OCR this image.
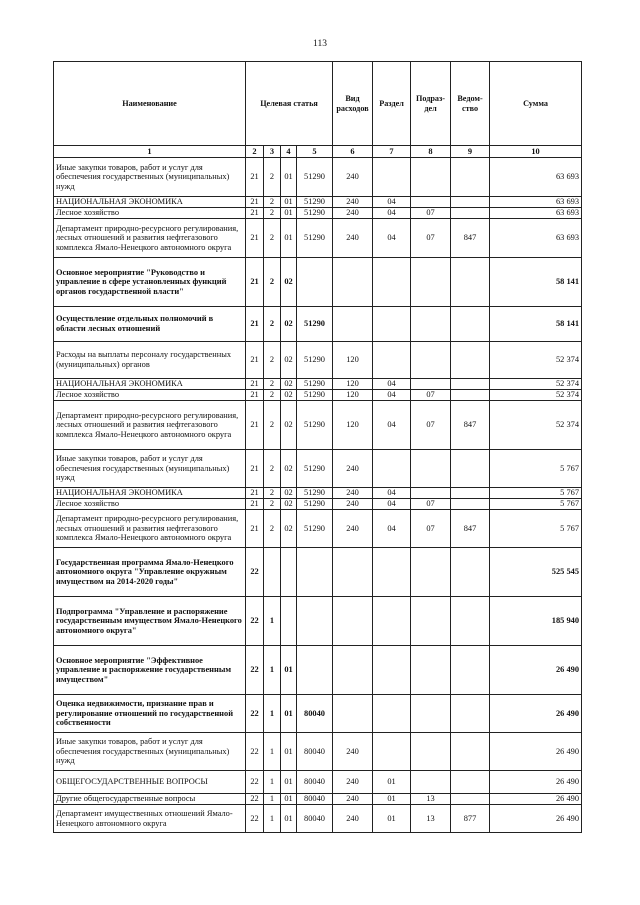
113
Наименование	Целевая статья				Вид расходов	Раздел	Подраз-дел	Ведом-ство	Сумма
1	2	3	4	5	6	7	8	9	10
Иные закупки товаров, работ и услуг для обеспечения государственных (муниципальных) нужд	21	2	01	51290	240				63 693
НАЦИОНАЛЬНАЯ ЭКОНОМИКА	21	2	01	51290	240	04			63 693
Лесное хозяйство	21	2	01	51290	240	04	07		63 693
Департамент природно-ресурсного регулирования, лесных отношений и развития нефтегазового комплекса Ямало-Ненецкого автономного округа	21	2	01	51290	240	04	07	847	63 693
Основное мероприятие "Руководство и управление в сфере установленных функций органов государственной власти"	21	2	02						58 141
Осуществление отдельных полномочий в области лесных отношений	21	2	02	51290					58 141
Расходы на выплаты персоналу государственных (муниципальных) органов	21	2	02	51290	120				52 374
НАЦИОНАЛЬНАЯ ЭКОНОМИКА	21	2	02	51290	120	04			52 374
Лесное хозяйство	21	2	02	51290	120	04	07		52 374
Департамент природно-ресурсного регулирования, лесных отношений и развития нефтегазового комплекса Ямало-Ненецкого автономного округа	21	2	02	51290	120	04	07	847	52 374
Иные закупки товаров, работ и услуг для обеспечения государственных (муниципальных) нужд	21	2	02	51290	240				5 767
НАЦИОНАЛЬНАЯ ЭКОНОМИКА	21	2	02	51290	240	04			5 767
Лесное хозяйство	21	2	02	51290	240	04	07		5 767
Департамент природно-ресурсного регулирования, лесных отношений и развития нефтегазового комплекса Ямало-Ненецкого автономного округа	21	2	02	51290	240	04	07	847	5 767
Государственная программа Ямало-Ненецкого автономного округа "Управление окружным имуществом на 2014-2020 годы"	22								525 545
Подпрограмма "Управление и распоряжение государственным имуществом Ямало-Ненецкого автономного округа"	22	1							185 940
Основное мероприятие "Эффективное управление и распоряжение государственным имуществом"	22	1	01						26 490
Оценка недвижимости, признание прав и регулирование отношений по государственной собственности	22	1	01	80040					26 490
Иные закупки товаров, работ и услуг для обеспечения государственных (муниципальных) нужд	22	1	01	80040	240				26 490
ОБЩЕГОСУДАРСТВЕННЫЕ ВОПРОСЫ	22	1	01	80040	240	01			26 490
Другие общегосударственные вопросы	22	1	01	80040	240	01	13		26 490
Департамент имущественных отношений Ямало-Ненецкого автономного округа	22	1	01	80040	240	01	13	877	26 490
